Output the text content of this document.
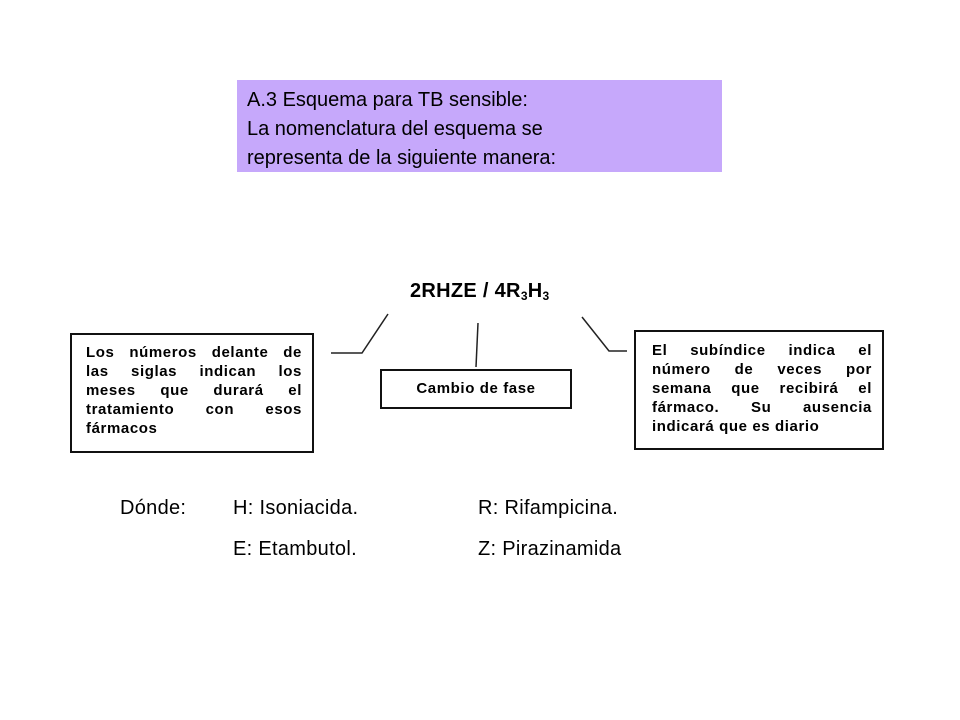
A.3 Esquema para TB sensible:
La nomenclatura del esquema se
representa de la siguiente manera:
2RHZE / $4R_3H_3$
Los números delante de
las siglas indican los
meses que durará el
tratamiento con esos
fármacos
Cambio de fase
El subíndice indica el
número de veces por
semana que recibirá el
fármaco. Su ausencia
indicará que es diario
Dónde: H: Isoniacida.	R: Rifampicina.
E: Etambutol.	Z: Pirazinamida
